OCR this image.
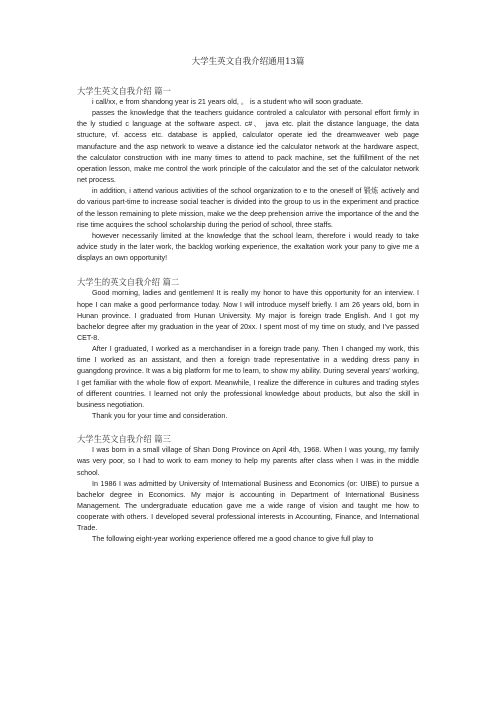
大学生英文自我介绍通用13篇
大学生英文自我介绍 篇一

i call/xx, e from shandong year is 21 years old, 。 is a student who will soon graduate.

passes the knowledge that the teachers guidance controled a calculator with personal effort firmly in the ly studied c language at the software aspect. c#、 java etc. plait the distance language, the data structure, vf. access etc. database is applied, calculator operate ied the dreamweaver web page manufacture and the asp network to weave a distance ied the calculator network at the hardware aspect, the calculator construction with ine many times to attend to pack machine, set the fulfillment of the net operation lesson, make me control the work principle of the calculator and the set of the calculator network net process.

in addition, i attend various activities of the school organization to e to the oneself of 锻炼 actively and do various part-time to increase social teacher is divided into the group to us in the experiment and practice of the lesson remaining to plete mission, make we the deep prehension arrive the importance of the and the rise time acquires the school scholarship during the period of school, three staffs.

however necessarily limited at the knowledge that the school learn, therefore i would ready to take advice study in the later work, the backlog working experience, the exaltation work your pany to give me a displays an own opportunity!

大学生的英文自我介绍 篇二

Good morning, ladies and gentlemen! It is really my honor to have this opportunity for an interview. I hope I can make a good performance today. Now I will introduce myself briefly. I am 26 years old, born in Hunan province. I graduated from Hunan University. My major is foreign trade English. And I got my bachelor degree after my graduation in the year of 20xx. I spent most of my time on study, and I’ve passed CET-8.

After I graduated, I worked as a merchandiser in a foreign trade pany. Then I changed my work, this time I worked as an assistant, and then a foreign trade representative in a wedding dress pany in guangdong province. It was a big platform for me to learn, to show my ability. During several years’ working, I get familiar with the whole flow of export. Meanwhile, I realize the difference in cultures and trading styles of different countries. I learned not only the professional knowledge about products, but also the skill in business negotiation.

Thank you for your time and consideration.

大学生英文自我介绍 篇三

I was born in a small village of Shan Dong Province on April 4th, 1968. When I was young, my family was very poor, so I had to work to earn money to help my parents after class when I was in the middle school.

In 1986 I was admitted by University of International Business and Economics (or: UIBE) to pursue a bachelor degree in Economics. My major is accounting in Department of International Business Management. The undergraduate education gave me a wide range of vision and taught me how to cooperate with others. I developed several professional interests in Accounting, Finance, and International Trade.

The following eight-year working experience offered me a good chance to give full play to
